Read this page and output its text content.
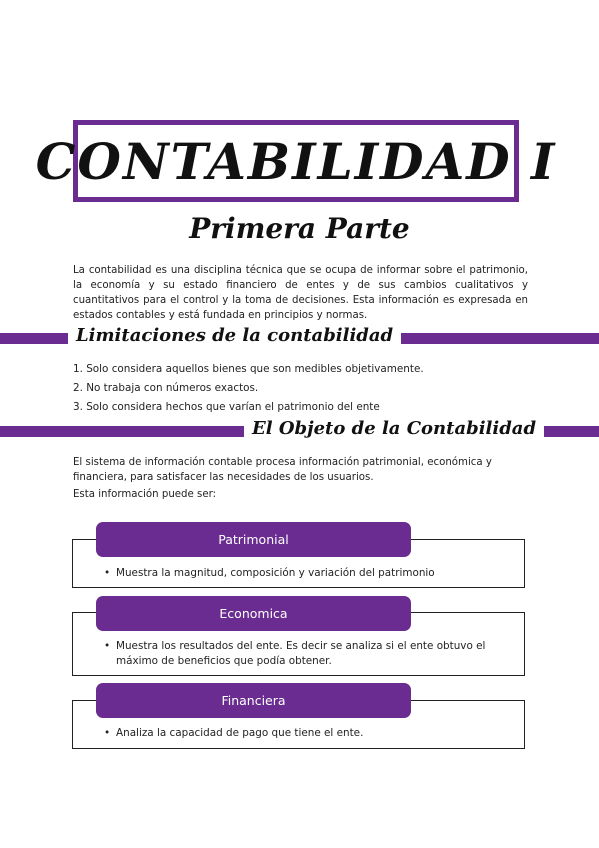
CONTABILIDAD I
Primera Parte
La contabilidad es una disciplina técnica que se ocupa de informar sobre el patrimonio, la economía y su estado financiero de entes y de sus cambios cualitativos y cuantitativos para el control y la toma de decisiones. Esta información es expresada en estados contables y está fundada en principios y normas.
Limitaciones de la contabilidad
1. Solo considera aquellos bienes que son medibles objetivamente.
2. No trabaja con números exactos.
3. Solo considera hechos que varían el patrimonio del ente
El Objeto de la Contabilidad
El sistema de información contable procesa información patrimonial, económica y financiera, para satisfacer las necesidades de los usuarios.
Esta información puede ser:
Patrimonial
• Muestra la magnitud, composición y variación del patrimonio
Economica
• Muestra los resultados del ente. Es decir se analiza si el ente obtuvo el máximo de beneficios que podía obtener.
Financiera
• Analiza la capacidad de pago que tiene el ente.
